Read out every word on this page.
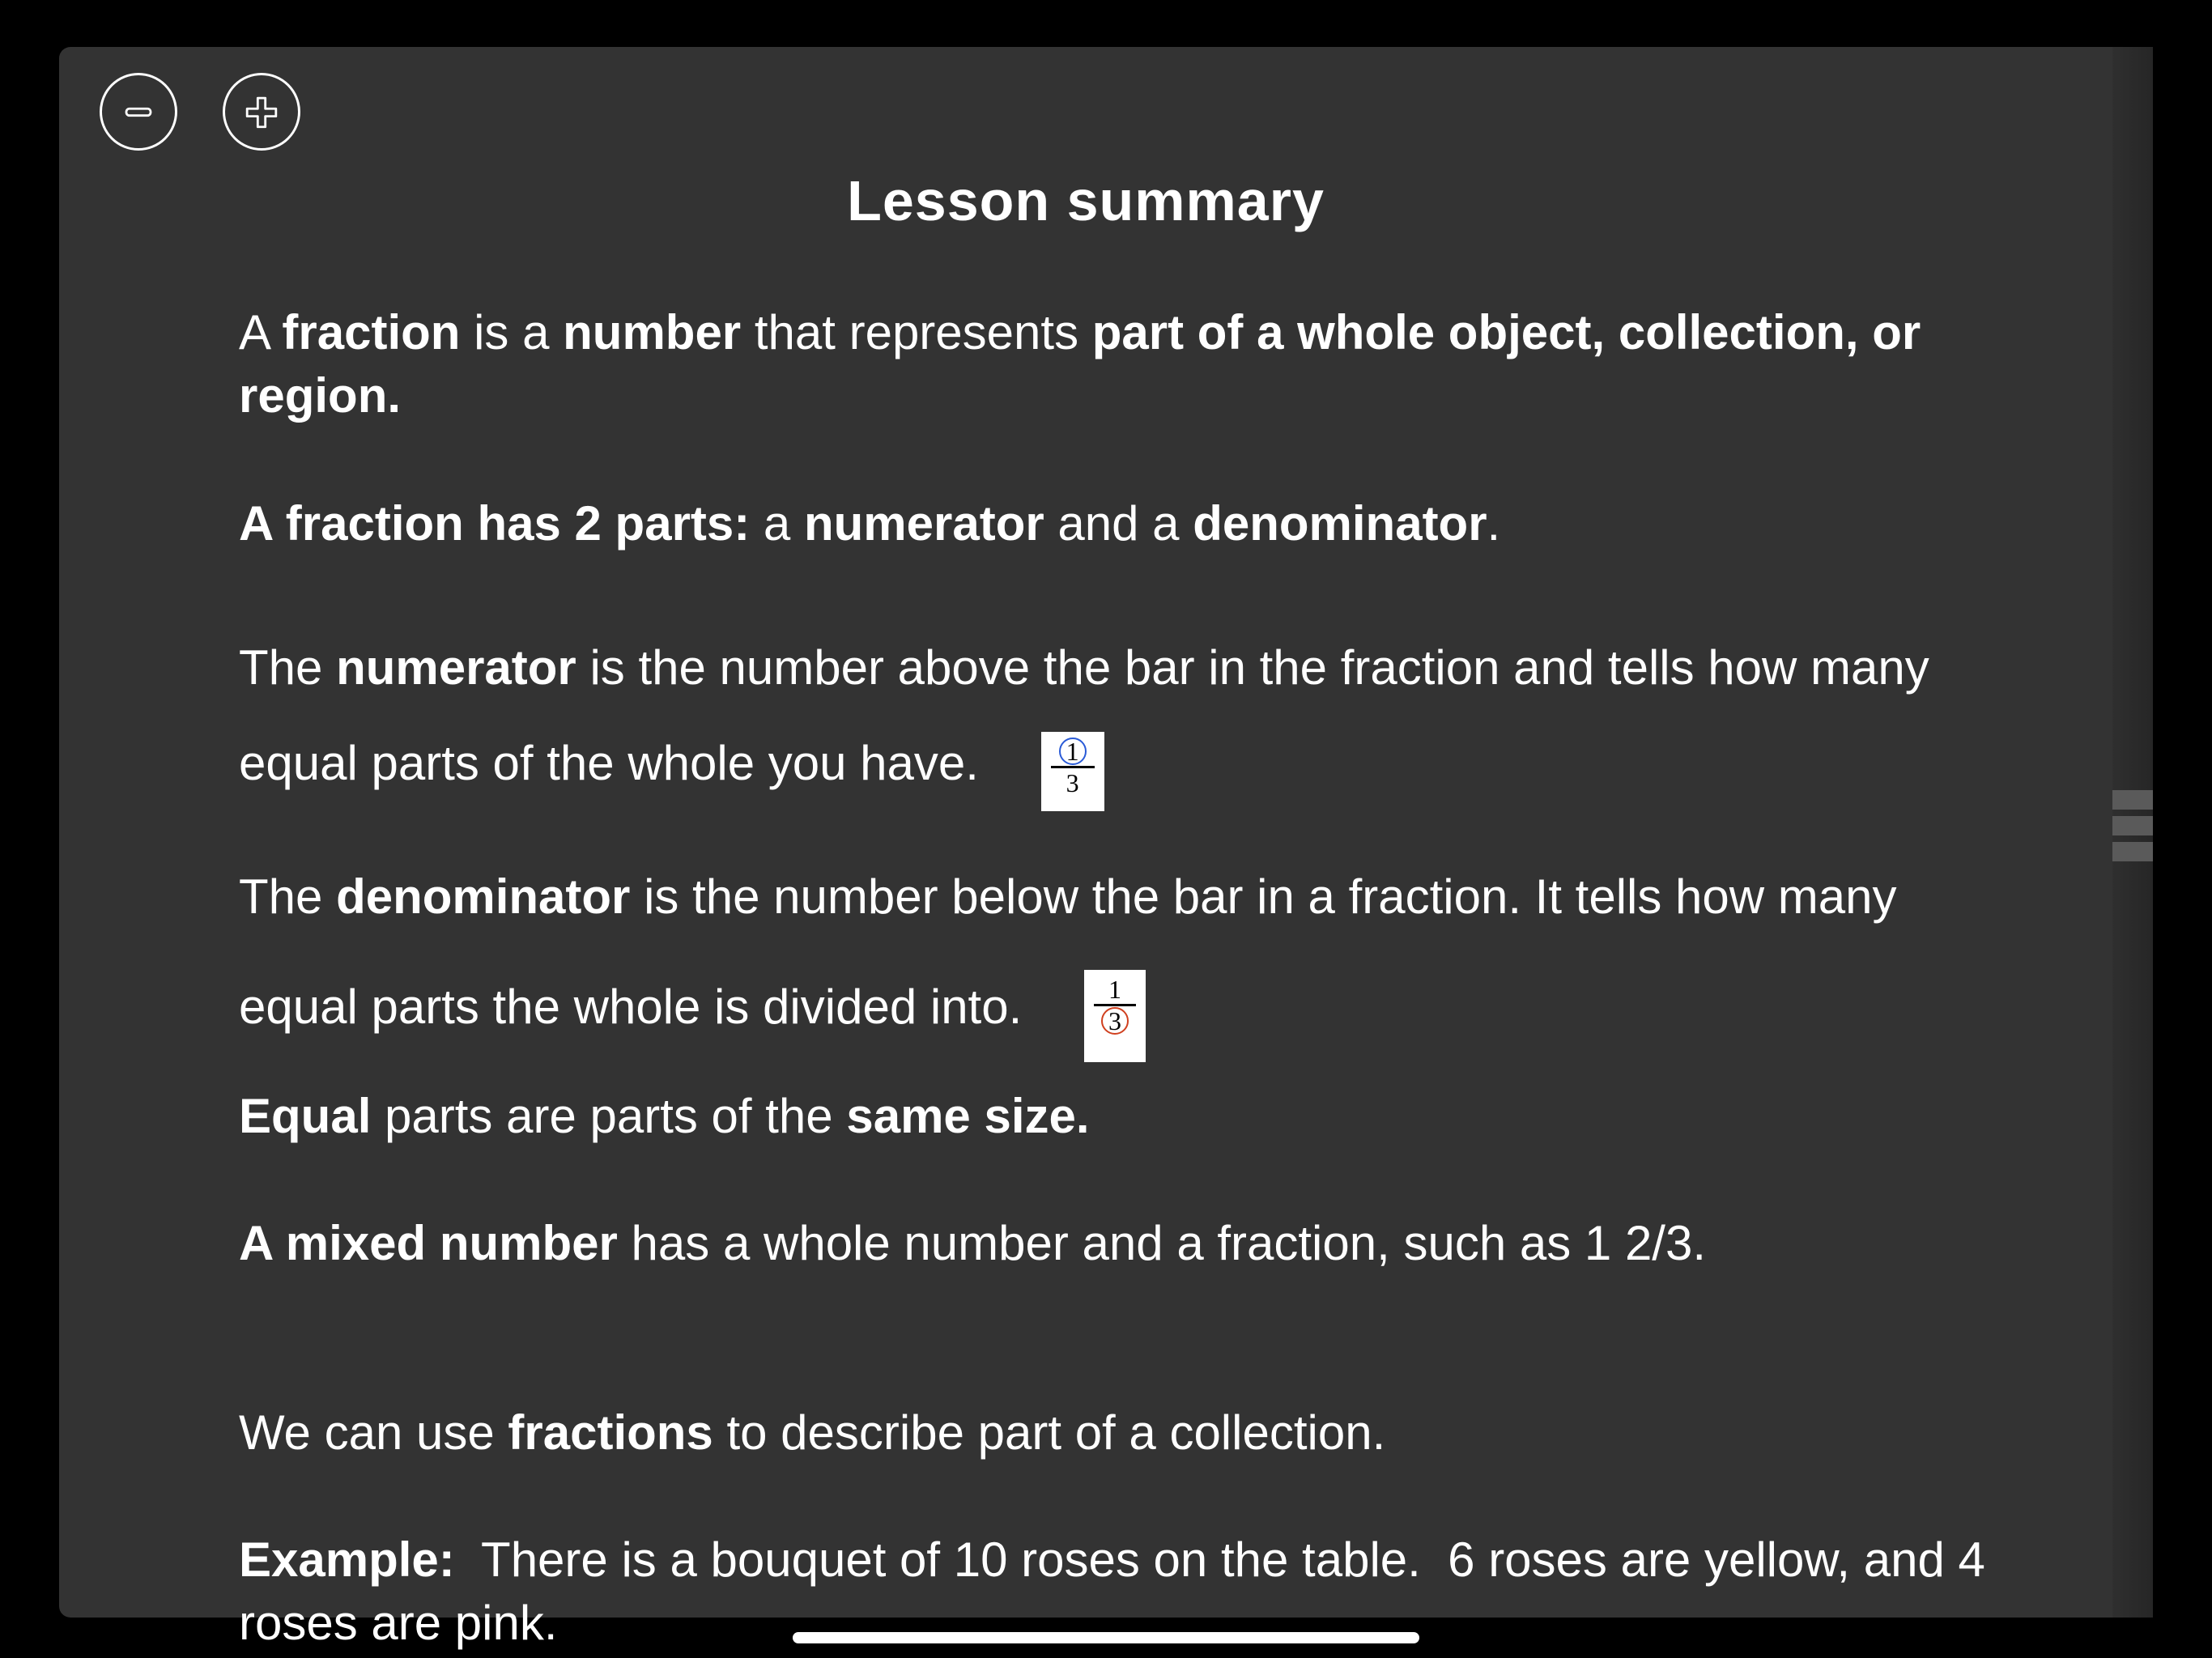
Lesson summary

A fraction is a number that represents part of a whole object, collection, or region.

A fraction has 2 parts: a numerator and a denominator.

The numerator is the number above the bar in the fraction and tells how many equal parts of the whole you have. $\frac{1}{3}$

The denominator is the number below the bar in a fraction. It tells how many equal parts the whole is divided into. $\frac{1}{3}$

Equal parts are parts of the same size.

A mixed number has a whole number and a fraction, such as 1 2/3.

We can use fractions to describe part of a collection.

Example:  There is a bouquet of 10 roses on the table.  6 roses are yellow, and 4 roses are pink.
